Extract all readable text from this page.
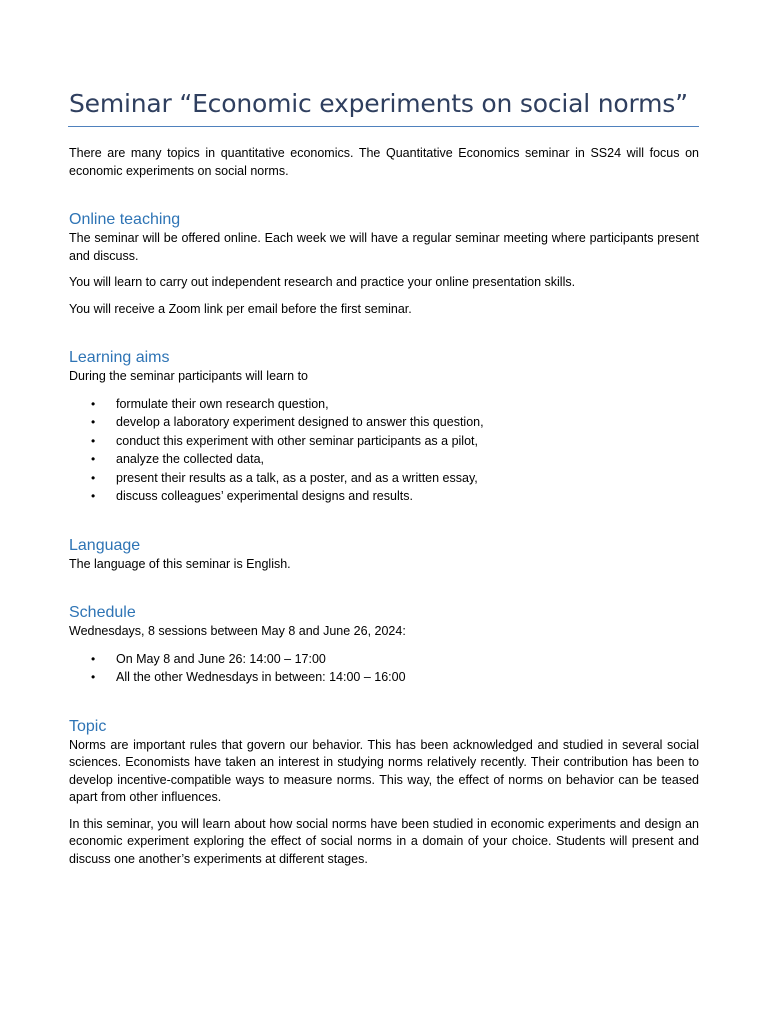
Seminar “Economic experiments on social norms”

There are many topics in quantitative economics. The Quantitative Economics seminar in SS24 will focus on economic experiments on social norms.

Online teaching

The seminar will be offered online. Each week we will have a regular seminar meeting where participants present and discuss.

You will learn to carry out independent research and practice your online presentation skills.

You will receive a Zoom link per email before the first seminar.

Learning aims

During the seminar participants will learn to

• formulate their own research question,
• develop a laboratory experiment designed to answer this question,
• conduct this experiment with other seminar participants as a pilot,
• analyze the collected data,
• present their results as a talk, as a poster, and as a written essay,
• discuss colleagues’ experimental designs and results.
Language

The language of this seminar is English.

Schedule

Wednesdays, 8 sessions between May 8 and June 26, 2024:

• On May 8 and June 26: 14:00 – 17:00
• All the other Wednesdays in between: 14:00 – 16:00
Topic

Norms are important rules that govern our behavior. This has been acknowledged and studied in several social sciences. Economists have taken an interest in studying norms relatively recently. Their contribution has been to develop incentive-compatible ways to measure norms. This way, the effect of norms on behavior can be teased apart from other influences.

In this seminar, you will learn about how social norms have been studied in economic experiments and design an economic experiment exploring the effect of social norms in a domain of your choice. Students will present and discuss one another’s experiments at different stages.
